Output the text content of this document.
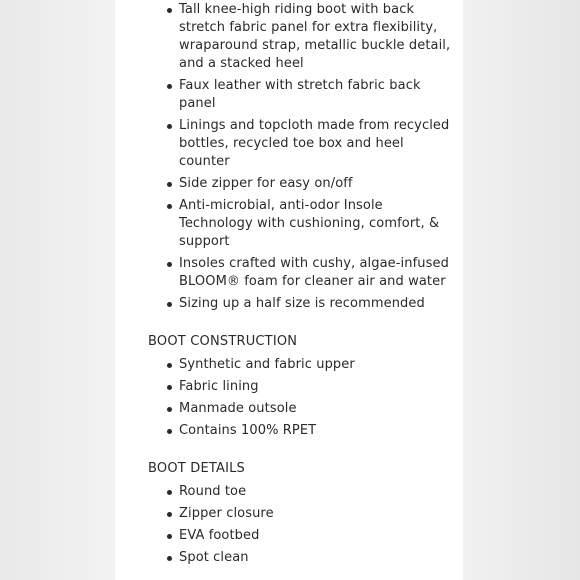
Tall knee-high riding boot with back stretch fabric panel for extra flexibility, wraparound strap, metallic buckle detail, and a stacked heel
Faux leather with stretch fabric back panel
Linings and topcloth made from recycled bottles, recycled toe box and heel counter
Side zipper for easy on/off
Anti-microbial, anti-odor Insole Technology with cushioning, comfort, & support
Insoles crafted with cushy, algae-infused BLOOM® foam for cleaner air and water
Sizing up a half size is recommended
BOOT CONSTRUCTION
Synthetic and fabric upper
Fabric lining
Manmade outsole
Contains 100% RPET
BOOT DETAILS
Round toe
Zipper closure
EVA footbed
Spot clean
